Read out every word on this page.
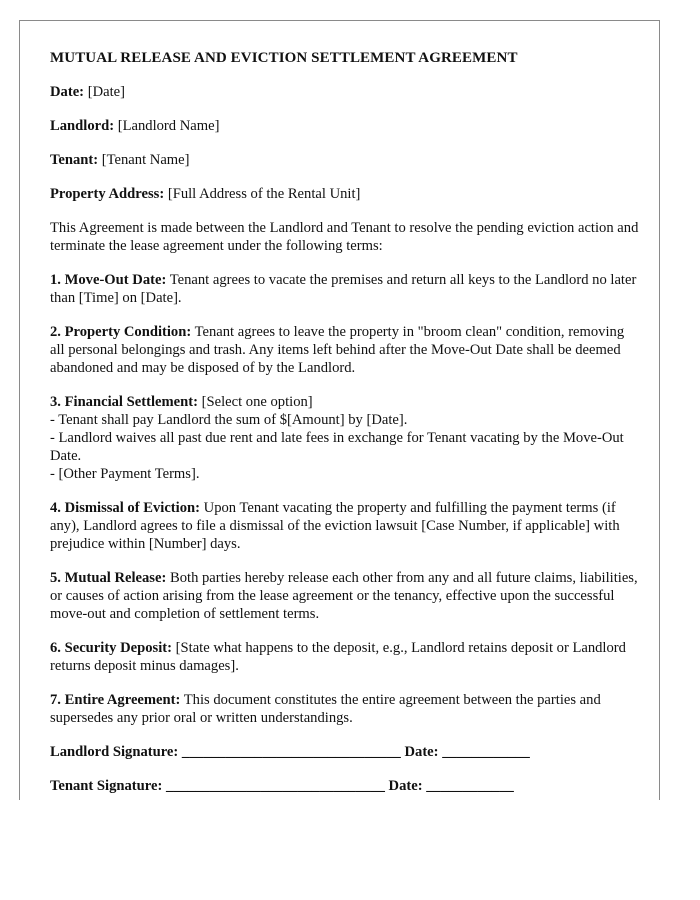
MUTUAL RELEASE AND EVICTION SETTLEMENT AGREEMENT
Date: [Date]
Landlord: [Landlord Name]
Tenant: [Tenant Name]
Property Address: [Full Address of the Rental Unit]
This Agreement is made between the Landlord and Tenant to resolve the pending eviction action and terminate the lease agreement under the following terms:
1. Move-Out Date: Tenant agrees to vacate the premises and return all keys to the Landlord no later than [Time] on [Date].
2. Property Condition: Tenant agrees to leave the property in "broom clean" condition, removing all personal belongings and trash. Any items left behind after the Move-Out Date shall be deemed abandoned and may be disposed of by the Landlord.
3. Financial Settlement: [Select one option]
- Tenant shall pay Landlord the sum of $[Amount] by [Date].
- Landlord waives all past due rent and late fees in exchange for Tenant vacating by the Move-Out Date.
- [Other Payment Terms].
4. Dismissal of Eviction: Upon Tenant vacating the property and fulfilling the payment terms (if any), Landlord agrees to file a dismissal of the eviction lawsuit [Case Number, if applicable] with prejudice within [Number] days.
5. Mutual Release: Both parties hereby release each other from any and all future claims, liabilities, or causes of action arising from the lease agreement or the tenancy, effective upon the successful move-out and completion of settlement terms.
6. Security Deposit: [State what happens to the deposit, e.g., Landlord retains deposit or Landlord returns deposit minus damages].
7. Entire Agreement: This document constitutes the entire agreement between the parties and supersedes any prior oral or written understandings.
Landlord Signature: ______________________________ Date: ____________
Tenant Signature: ______________________________ Date: ____________
